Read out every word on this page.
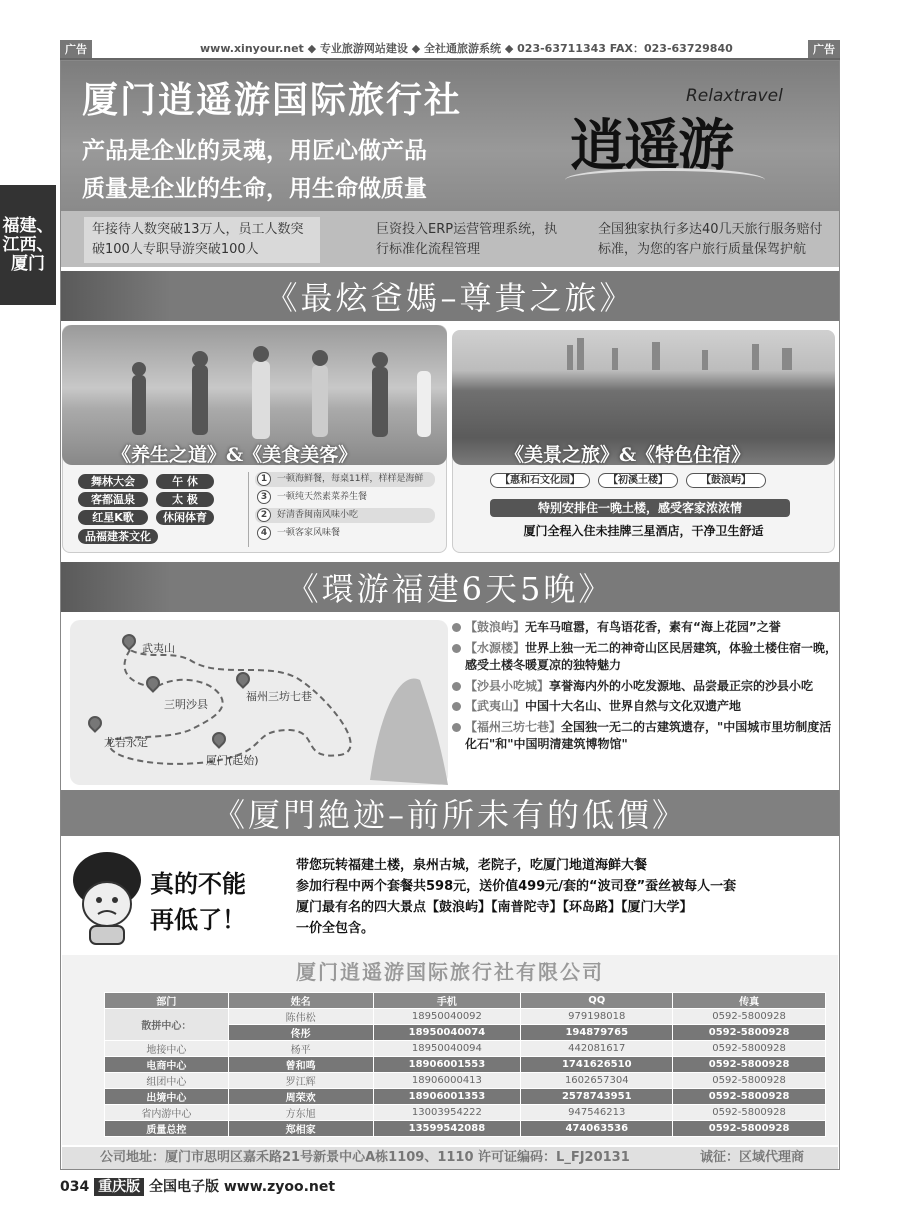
广告	广告
www.xinyour.net ◆ 专业旅游网站建设 ◆ 全社通旅游系统 ◆ 023-63711343 FAX：023-63729840
福建、江西、厦门
厦门逍遥游国际旅行社
产品是企业的灵魂，用匠心做产品
质量是企业的生命，用生命做质量
Relaxtravel
逍遥游
年接待人数突破13万人，员工人数突破100人专职导游突破100人
巨资投入ERP运营管理系统，执行标准化流程管理
全国独家执行多达40几天旅行服务赔付标准，为您的客户旅行质量保驾护航
《最炫爸媽–尊貴之旅》
《养生之道》&《美食美客》
舞林大会	午 休
客都温泉	太 极
红星K歌	休闲体育
品福建茶文化
1	一顿海鲜餐，每桌11样，样样是海鲜
3	一顿纯天然素菜养生餐
2	好清香闽南风味小吃
4	一顿客家风味餐
《美景之旅》&《特色住宿》
【惠和石文化园】	【初溪土楼】	【鼓浪屿】
特别安排住一晚土楼，感受客家浓浓情
厦门全程入住未挂牌三星酒店，干净卫生舒适
《環游福建6天5晚》
武夷山
三明沙县
福州三坊七巷
龙岩永定
厦门(起始)
【鼓浪屿】无车马喧嚣，有鸟语花香，素有“海上花园”之誉
【水源楼】世界上独一无二的神奇山区民居建筑，体验土楼住宿一晚，感受土楼冬暖夏凉的独特魅力
【沙县小吃城】享誉海内外的小吃发源地、品尝最正宗的沙县小吃
【武夷山】中国十大名山、世界自然与文化双遗产地
【福州三坊七巷】全国独一无二的古建筑遗存，"中国城市里坊制度活化石"和"中国明清建筑博物馆"
《厦門絶迹–前所未有的低價》
真的不能
再低了！
带您玩转福建土楼，泉州古城，老院子，吃厦门地道海鲜大餐
参加行程中两个套餐共598元，送价值499元/套的“波司登”蚕丝被每人一套
厦门最有名的四大景点【鼓浪屿】【南普陀寺】【环岛路】【厦门大学】
一价全包含。
厦门逍遥游国际旅行社有限公司
部门	姓名	手机	QQ	传真
散拼中心：	陈伟松	18950040092	979198018	0592-5800928
	佟彤	18950040074	194879765	0592-5800928
地接中心	杨平	18950040094	442081617	0592-5800928
电商中心	曾和鸣	18906001553	1741626510	0592-5800928
组团中心	罗江辉	18906000413	1602657304	0592-5800928
出境中心	周荣欢	18906001353	2578743951	0592-5800928
省内游中心	方东旭	13003954222	947546213	0592-5800928
质量总控	郑相家	13599542088	474063536	0592-5800928
公司地址：厦门市思明区嘉禾路21号新景中心A栋1109、1110 许可证编码：L_FJ20131	诚征：区域代理商
034 重庆版 全国电子版 www.zyoo.net
